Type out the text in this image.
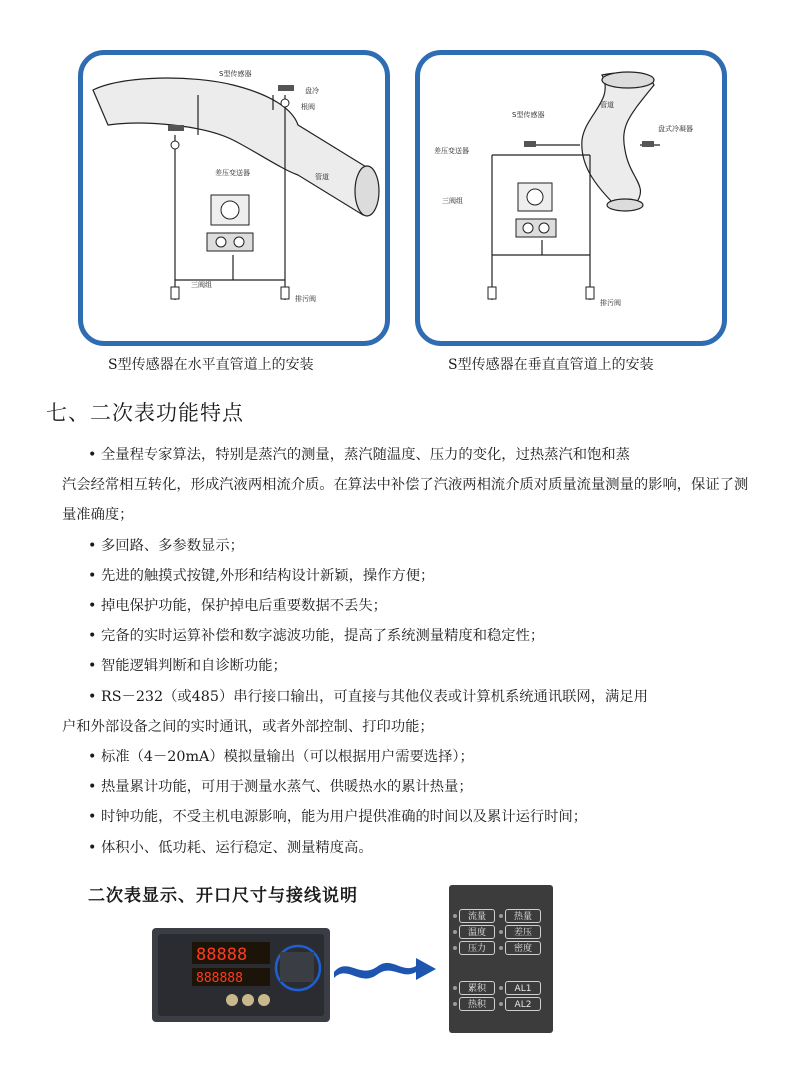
S型传感器
盘冷
根阀
差压变送器	管道
三阀组
排污阀
管道
S型传感器
盘式冷凝器
差压变送器
三阀组
排污阀
S型传感器在水平直管道上的安装	S型传感器在垂直直管道上的安装
七、二次表功能特点

• 全量程专家算法，特别是蒸汽的测量，蒸汽随温度、压力的变化，过热蒸汽和饱和蒸
汽会经常相互转化，形成汽液两相流介质。在算法中补偿了汽液两相流介质对质量流量测量的影响，保证了测量准确度；

• 多回路、多参数显示；

• 先进的触摸式按键,外形和结构设计新颖，操作方便；

• 掉电保护功能，保护掉电后重要数据不丢失；

• 完备的实时运算补偿和数字滤波功能，提高了系统测量精度和稳定性；

• 智能逻辑判断和自诊断功能；

• RS－232（或485）串行接口输出，可直接与其他仪表或计算机系统通讯联网，满足用
户和外部设备之间的实时通讯，或者外部控制、打印功能；

• 标准（4－20mA）模拟量输出（可以根据用户需要选择）；

• 热量累计功能，可用于测量水蒸气、供暖热水的累计热量；

• 时钟功能，不受主机电源影响，能为用户提供准确的时间以及累计运行时间；

• 体积小、低功耗、运行稳定、测量精度高。

二次表显示、开口尺寸与接线说明
88888
888888
流量	热量
温度	差压
压力	密度
累积	AL1
热积	AL2
